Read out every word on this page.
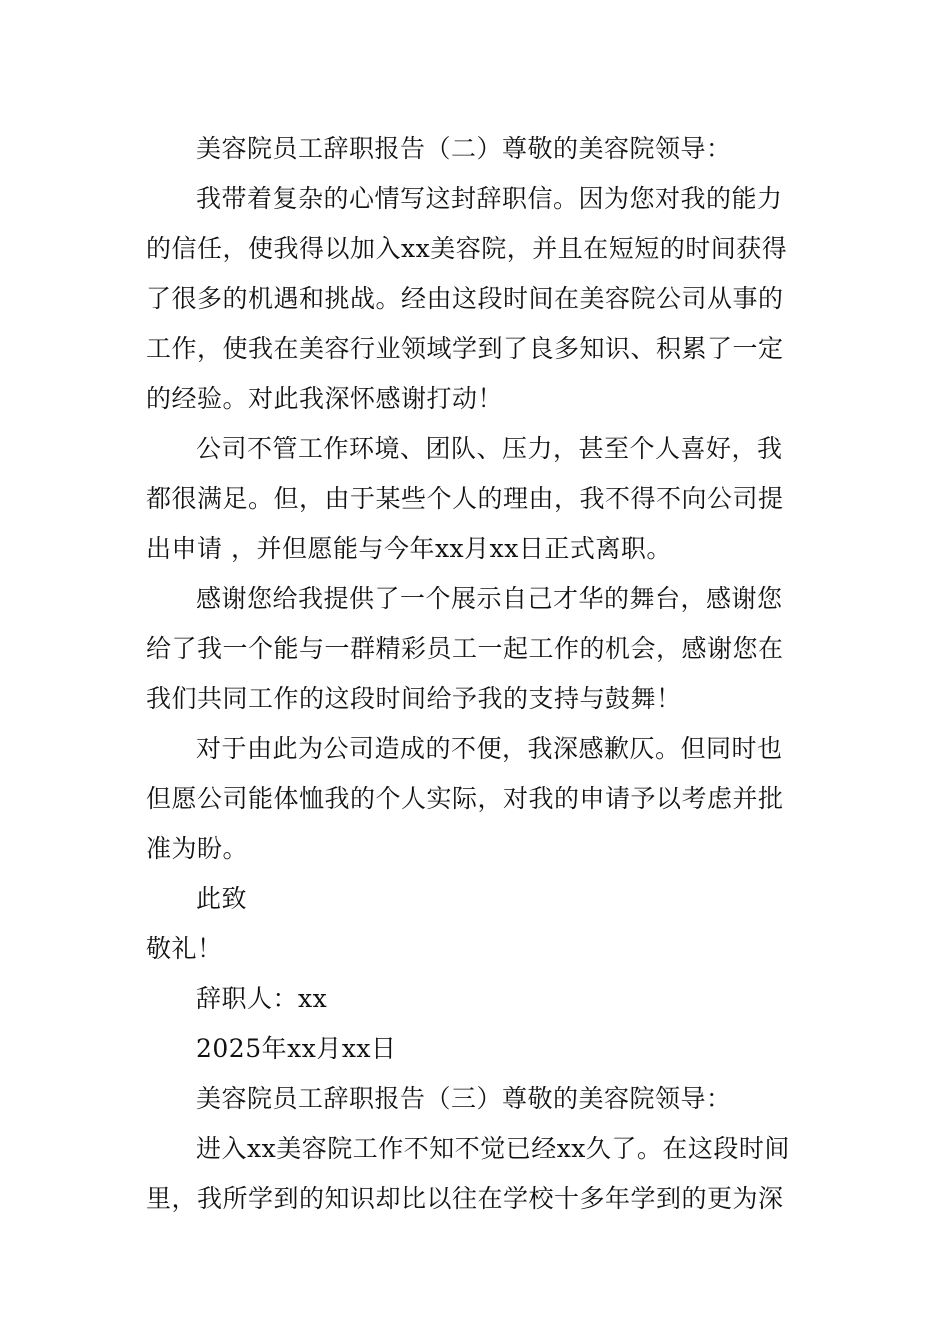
美容院员工辞职报告（二）尊敬的美容院领导：
我带着复杂的心情写这封辞职信。因为您对我的能力
的信任，使我得以加入xx美容院，并且在短短的时间获得
了很多的机遇和挑战。经由这段时间在美容院公司从事的
工作，使我在美容行业领域学到了良多知识、积累了一定
的经验。对此我深怀感谢打动！
公司不管工作环境、团队、压力，甚至个人喜好，我
都很满足。但，由于某些个人的理由，我不得不向公司提
出申请 ，并但愿能与今年xx月xx日正式离职。
感谢您给我提供了一个展示自己才华的舞台，感谢您
给了我一个能与一群精彩员工一起工作的机会，感谢您在
我们共同工作的这段时间给予我的支持与鼓舞！
对于由此为公司造成的不便，我深感歉仄。但同时也
但愿公司能体恤我的个人实际，对我的申请予以考虑并批
准为盼。
此致
敬礼！
辞职人：xx
2025年xx月xx日
美容院员工辞职报告（三）尊敬的美容院领导：
进入xx美容院工作不知不觉已经xx久了。在这段时间
里，我所学到的知识却比以往在学校十多年学到的更为深
